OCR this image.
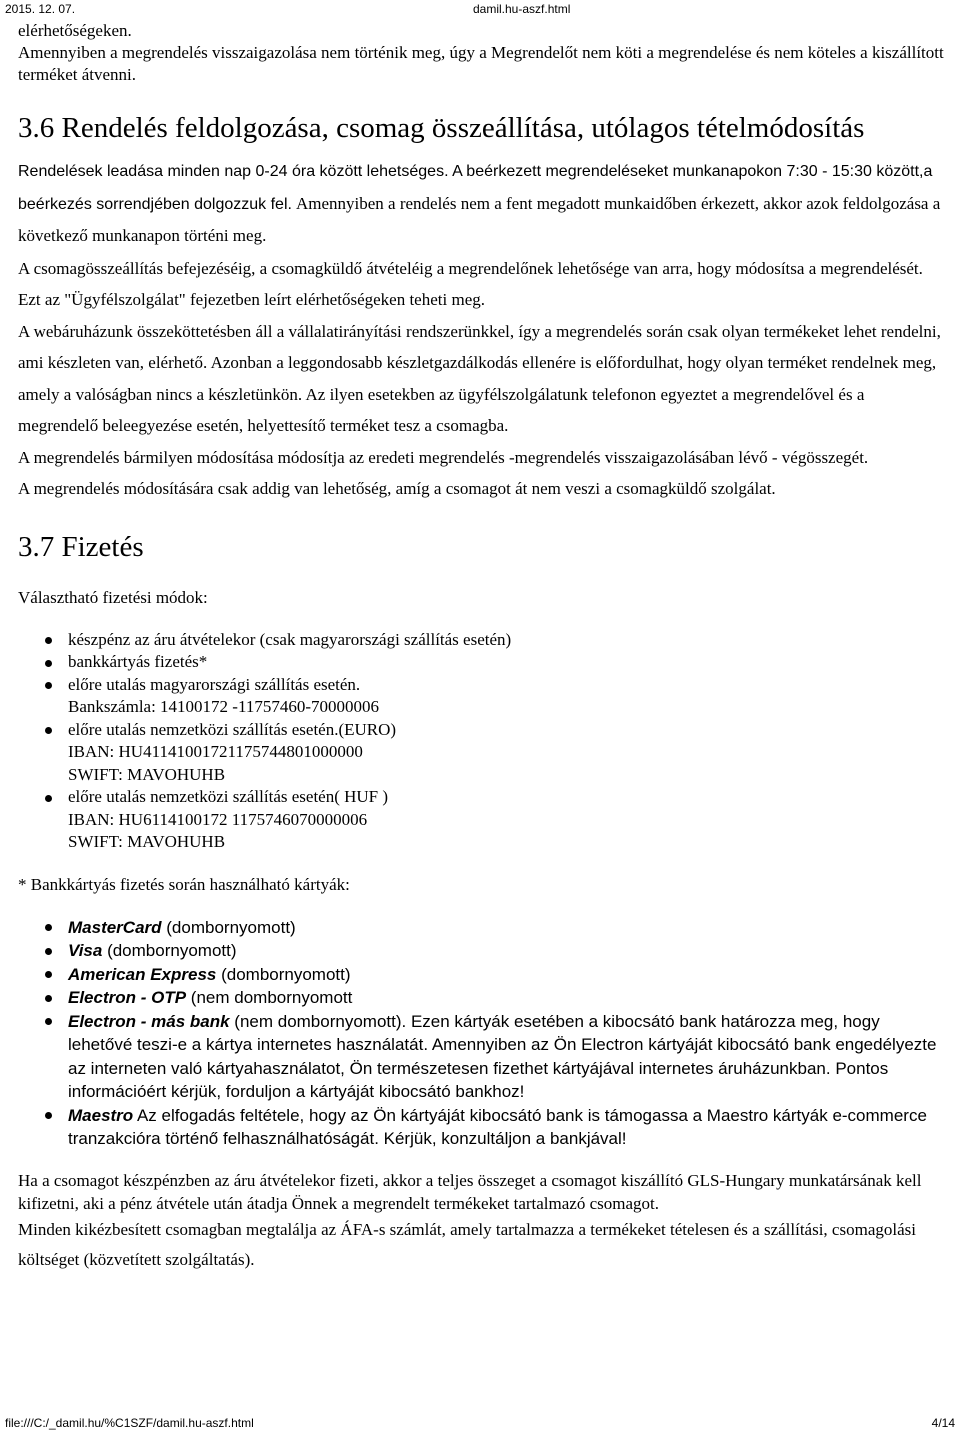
2015. 12. 07.	damil.hu-aszf.html

elérhetőségeken.

Amennyiben a megrendelés visszaigazolása nem történik meg, úgy a Megrendelőt nem köti a megrendelése és nem köteles a kiszállított terméket átvenni.

3.6 Rendelés feldolgozása, csomag összeállítása, utólagos tételmódosítás

Rendelések leadása minden nap 0-24 óra között lehetséges. A beérkezett megrendeléseket munkanapokon 7:30 - 15:30 között,a beérkezés sorrendjében dolgozzuk fel. Amennyiben a rendelés nem a fent megadott munkaidőben érkezett, akkor azok feldolgozása a következő munkanapon történi meg.

A csomagösszeállítás befejezéséig, a csomagküldő átvételéig a megrendelőnek lehetősége van arra, hogy módosítsa a megrendelését. Ezt az "Ügyfélszolgálat" fejezetben leírt elérhetőségeken teheti meg.

A webáruházunk összeköttetésben áll a vállalatirányítási rendszerünkkel, így a megrendelés során csak olyan termékeket lehet rendelni, ami készleten van, elérhető. Azonban a leggondosabb készletgazdálkodás ellenére is előfordulhat, hogy olyan terméket rendelnek meg, amely a valóságban nincs a készletünkön. Az ilyen esetekben az ügyfélszolgálatunk telefonon egyeztet a megrendelővel és a megrendelő beleegyezése esetén, helyettesítő terméket tesz a csomagba.

A megrendelés bármilyen módosítása módosítja az eredeti megrendelés -megrendelés visszaigazolásában lévő - végösszegét.

A megrendelés módosítására csak addig van lehetőség, amíg a csomagot át nem veszi a csomagküldő szolgálat.

3.7 Fizetés

Választható fizetési módok:

készpénz az áru átvételekor (csak magyarországi szállítás esetén)
bankkártyás fizetés*
előre utalás magyarországi szállítás esetén.
Bankszámla: 14100172 -11757460-70000006
előre utalás nemzetközi szállítás esetén.(EURO)
IBAN: HU41141001721175744801000000
SWIFT: MAVOHUHB
előre utalás nemzetközi szállítás esetén( HUF )
IBAN: HU6114100172 1175746070000006
SWIFT: MAVOHUHB

* Bankkártyás fizetés során használható kártyák:

MasterCard (dombornyomott)
Visa (dombornyomott)
American Express (dombornyomott)
Electron - OTP (nem dombornyomott
Electron - más bank (nem dombornyomott). Ezen kártyák esetében a kibocsátó bank határozza meg, hogy lehetővé teszi-e a kártya internetes használatát. Amennyiben az Ön Electron kártyáját kibocsátó bank engedélyezte az interneten való kártyahasználatot, Ön természetesen fizethet kártyájával internetes áruházunkban. Pontos információért kérjük, forduljon a kártyáját kibocsátó bankhoz!
Maestro Az elfogadás feltétele, hogy az Ön kártyáját kibocsátó bank is támogassa a Maestro kártyák e-commerce tranzakcióra történő felhasználhatóságát. Kérjük, konzultáljon a bankjával!

Ha a csomagot készpénzben az áru átvételekor fizeti, akkor a teljes összeget a csomagot kiszállító GLS-Hungary munkatársának kell kifizetni, aki a pénz átvétele után átadja Önnek a megrendelt termékeket tartalmazó csomagot.

Minden kikézbesített csomagban megtalálja az ÁFA-s számlát, amely tartalmazza a termékeket tételesen és a szállítási, csomagolási költséget (közvetített szolgáltatás).

file:///C:/_damil.hu/%C1SZF/damil.hu-aszf.html	4/14
